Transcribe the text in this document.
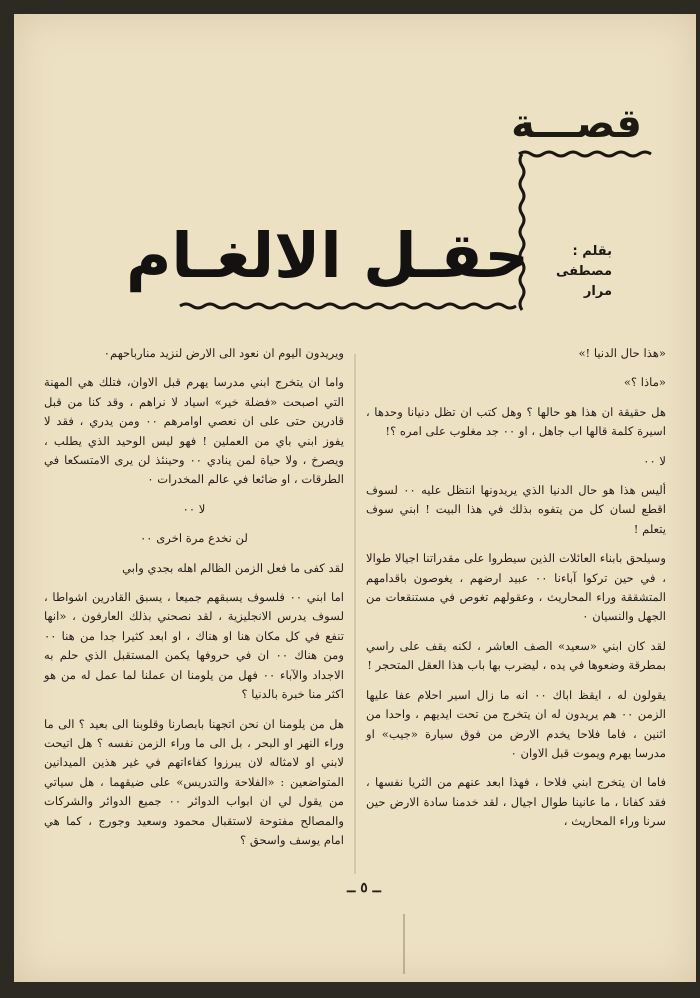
قصـــة
حقـل الالغـام	بقلم :
مصطفى مرار

«هذا حال الدنيا !»

«ماذا ؟»

هل حقيقة ان هذا هو حالها ؟ وهل كتب ان تظل دنيانا وحدها ، اسيرة كلمة قالها اب جاهل ، او ٠٠ جد مغلوب على امره ؟!

لا ٠٠

أليس هذا هو حال الدنيا الذي يريدونها انتظل عليه ٠٠ لسوف اقطع لسان كل من يتفوه بذلك في هذا البيت ! ابني سوف يتعلم !

وسيلحق بابناء العائلات الذين سيطروا على مقدراتنا اجيالا طوالا ، في حين تركوا آباءنا ٠٠ عبيد ارضهم ، يغوصون باقدامهم المتشققة وراء المحاريث ، وعقولهم تغوص في مستنقعات من الجهل والنسيان ٠

لقد كان ابني «سعيد» الصف العاشر ، لكنه يقف على راسي بمطرقة وضعوها في يده ، ليضرب بها باب هذا العقل المتحجر !

يقولون له ، ايقظ اباك ٠٠ انه ما زال اسير احلام عفا عليها الزمن ٠٠ هم يريدون له ان يتخرج من تحت ايديهم ، واحدا من اثنين ، فاما فلاحا يخدم الارض من فوق سيارة «جيب» او مدرسا يهرم ويموت قبل الاوان ٠

فاما ان يتخرج ابني فلاحا ، فهذا ابعد عنهم من الثريا نفسها ، فقد كفانا ، ما عانينا طوال اجيال ، لقد خدمنا سادة الارض حين سرنا وراء المحاريث ،

ويريدون اليوم ان نعود الى الارض لنزيد منارباحهم٠

واما ان يتخرج ابني مدرسا يهرم قبل الاوان، فتلك هي المهنة التي اصبحت «فضلة خير» اسياد لا نراهم ، وقد كنا من قبل قادرين حتى على ان نعصي اوامرهم ٠٠ ومن يدري ، فقد لا يفوز ابني باي من العملين ! فهو ليس الوحيد الذي يطلب ، ويصرخ ، ولا حياة لمن ينادي ٠٠ وحينئذ لن يرى الامتسكعا في الطرقات ، او ضائعا في عالم المخدرات ٠

لا ٠٠

لن نخدع مرة اخرى ٠٠

لقد كفى ما فعل الزمن الظالم اهله بجدي وابي

اما ابني ٠٠ فلسوف يسبقهم جميعا ، يسبق القادرين اشواطا ، لسوف يدرس الانجليزية ، لقد نصحني بذلك العارفون ، «انها تنفع في كل مكان هنا او هناك ، او ابعد كثيرا جدا من هنا ٠٠ ومن هناك ٠٠ ان في حروفها يكمن المستقبل الذي حلم به الاجداد والآباء ٠٠ فهل من يلومنا ان عملنا لما عمل له من هو اكثر منا خبرة بالدنيا ؟

هل من يلومنا ان نحن اتجهنا بابصارنا وقلوبنا الى بعيد ؟ الى ما وراء النهر او البحر ، بل الى ما وراء الزمن نفسه ؟ هل اتيحت لابني او لامثاله لان يبرزوا كفاءاتهم في غير هذين الميدانين المتواضعين : «الفلاحة والتدريس» على ضيقهما ، هل سياتي من يقول لي ان ابواب الدوائر ٠٠ جميع الدوائر والشركات والمصالح مفتوحة لاستقبال محمود وسعيد وجورج ، كما هي امام يوسف واسحق ؟

ــ ٥ ــ
